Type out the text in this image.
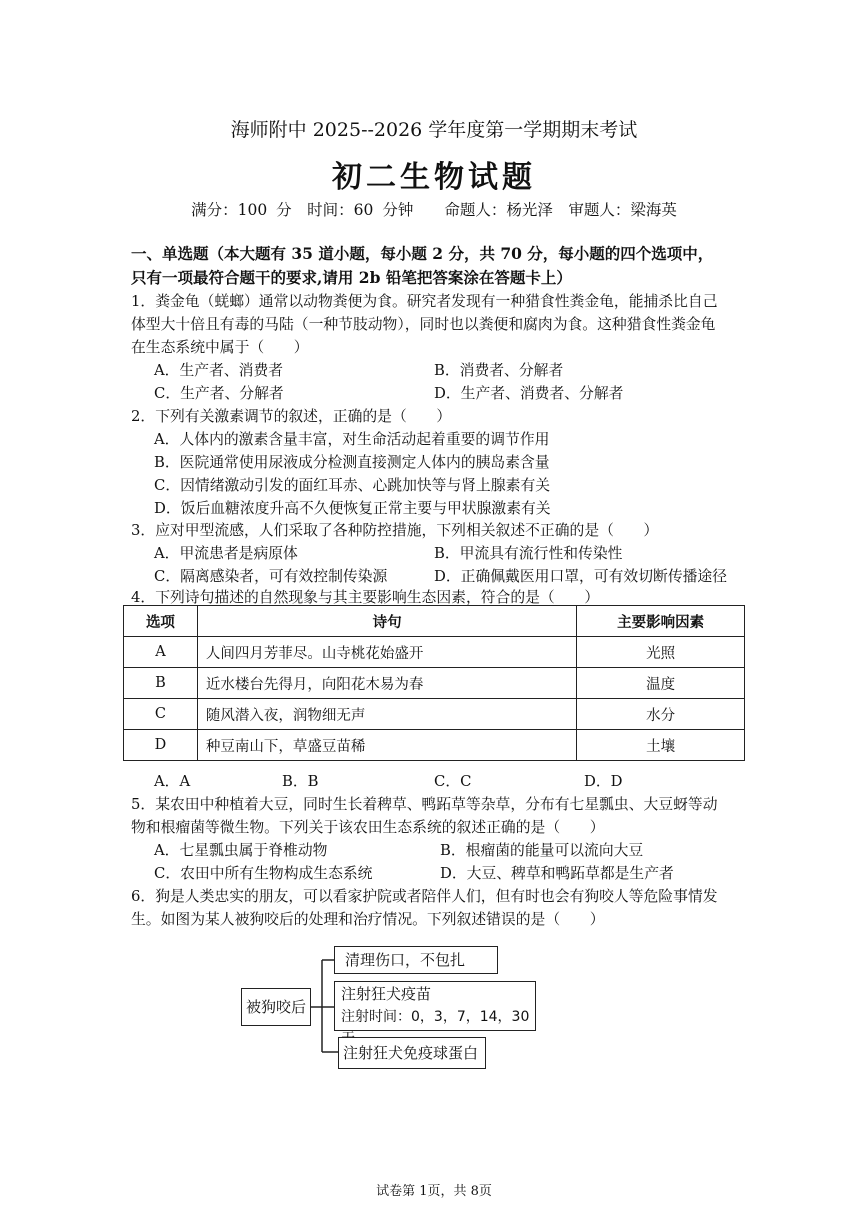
海师附中 2025--2026 学年度第一学期期末考试
初二生物试题
满分：100 分　时间：60 分钟　　命题人：杨光泽　审题人：梁海英
一、单选题（本大题有 35 道小题，每小题 2 分，共 70 分，每小题的四个选项中，
只有一项最符合题干的要求,请用 2b 铅笔把答案涂在答题卡上）
1．粪金龟（蜣螂）通常以动物粪便为食。研究者发现有一种猎食性粪金龟，能捕杀比自己
体型大十倍且有毒的马陆（一种节肢动物），同时也以粪便和腐肉为食。这种猎食性粪金龟
在生态系统中属于（　　）
A．生产者、消费者	B．消费者、分解者
C．生产者、分解者	D．生产者、消费者、分解者
2．下列有关激素调节的叙述，正确的是（　　）
A．人体内的激素含量丰富，对生命活动起着重要的调节作用
B．医院通常使用尿液成分检测直接测定人体内的胰岛素含量
C．因情绪激动引发的面红耳赤、心跳加快等与肾上腺素有关
D．饭后血糖浓度升高不久便恢复正常主要与甲状腺激素有关
3．应对甲型流感，人们采取了各种防控措施，下列相关叙述不正确的是（　　）
A．甲流患者是病原体	B．甲流具有流行性和传染性
C．隔离感染者，可有效控制传染源	D．正确佩戴医用口罩，可有效切断传播途径
4．下列诗句描述的自然现象与其主要影响生态因素，符合的是（　　）
选项	诗句	主要影响因素
A	人间四月芳菲尽。山寺桃花始盛开	光照
B	近水楼台先得月，向阳花木易为春	温度
C	随风潜入夜，润物细无声	水分
D	种豆南山下，草盛豆苗稀	土壤
A．A	B．B	C．C	D．D
5．某农田中种植着大豆，同时生长着稗草、鸭跖草等杂草，分布有七星瓢虫、大豆蚜等动
物和根瘤菌等微生物。下列关于该农田生态系统的叙述正确的是（　　）
A．七星瓢虫属于脊椎动物	B．根瘤菌的能量可以流向大豆
C．农田中所有生物构成生态系统	D．大豆、稗草和鸭跖草都是生产者
6．狗是人类忠实的朋友，可以看家护院或者陪伴人们，但有时也会有狗咬人等危险事情发
生。如图为某人被狗咬后的处理和治疗情况。下列叙述错误的是（　　）
被狗咬后
清理伤口，不包扎
注射狂犬疫苗
注射时间：0，3，7，14，30
注射狂犬免疫球蛋白
试卷第 1页，共 8页
